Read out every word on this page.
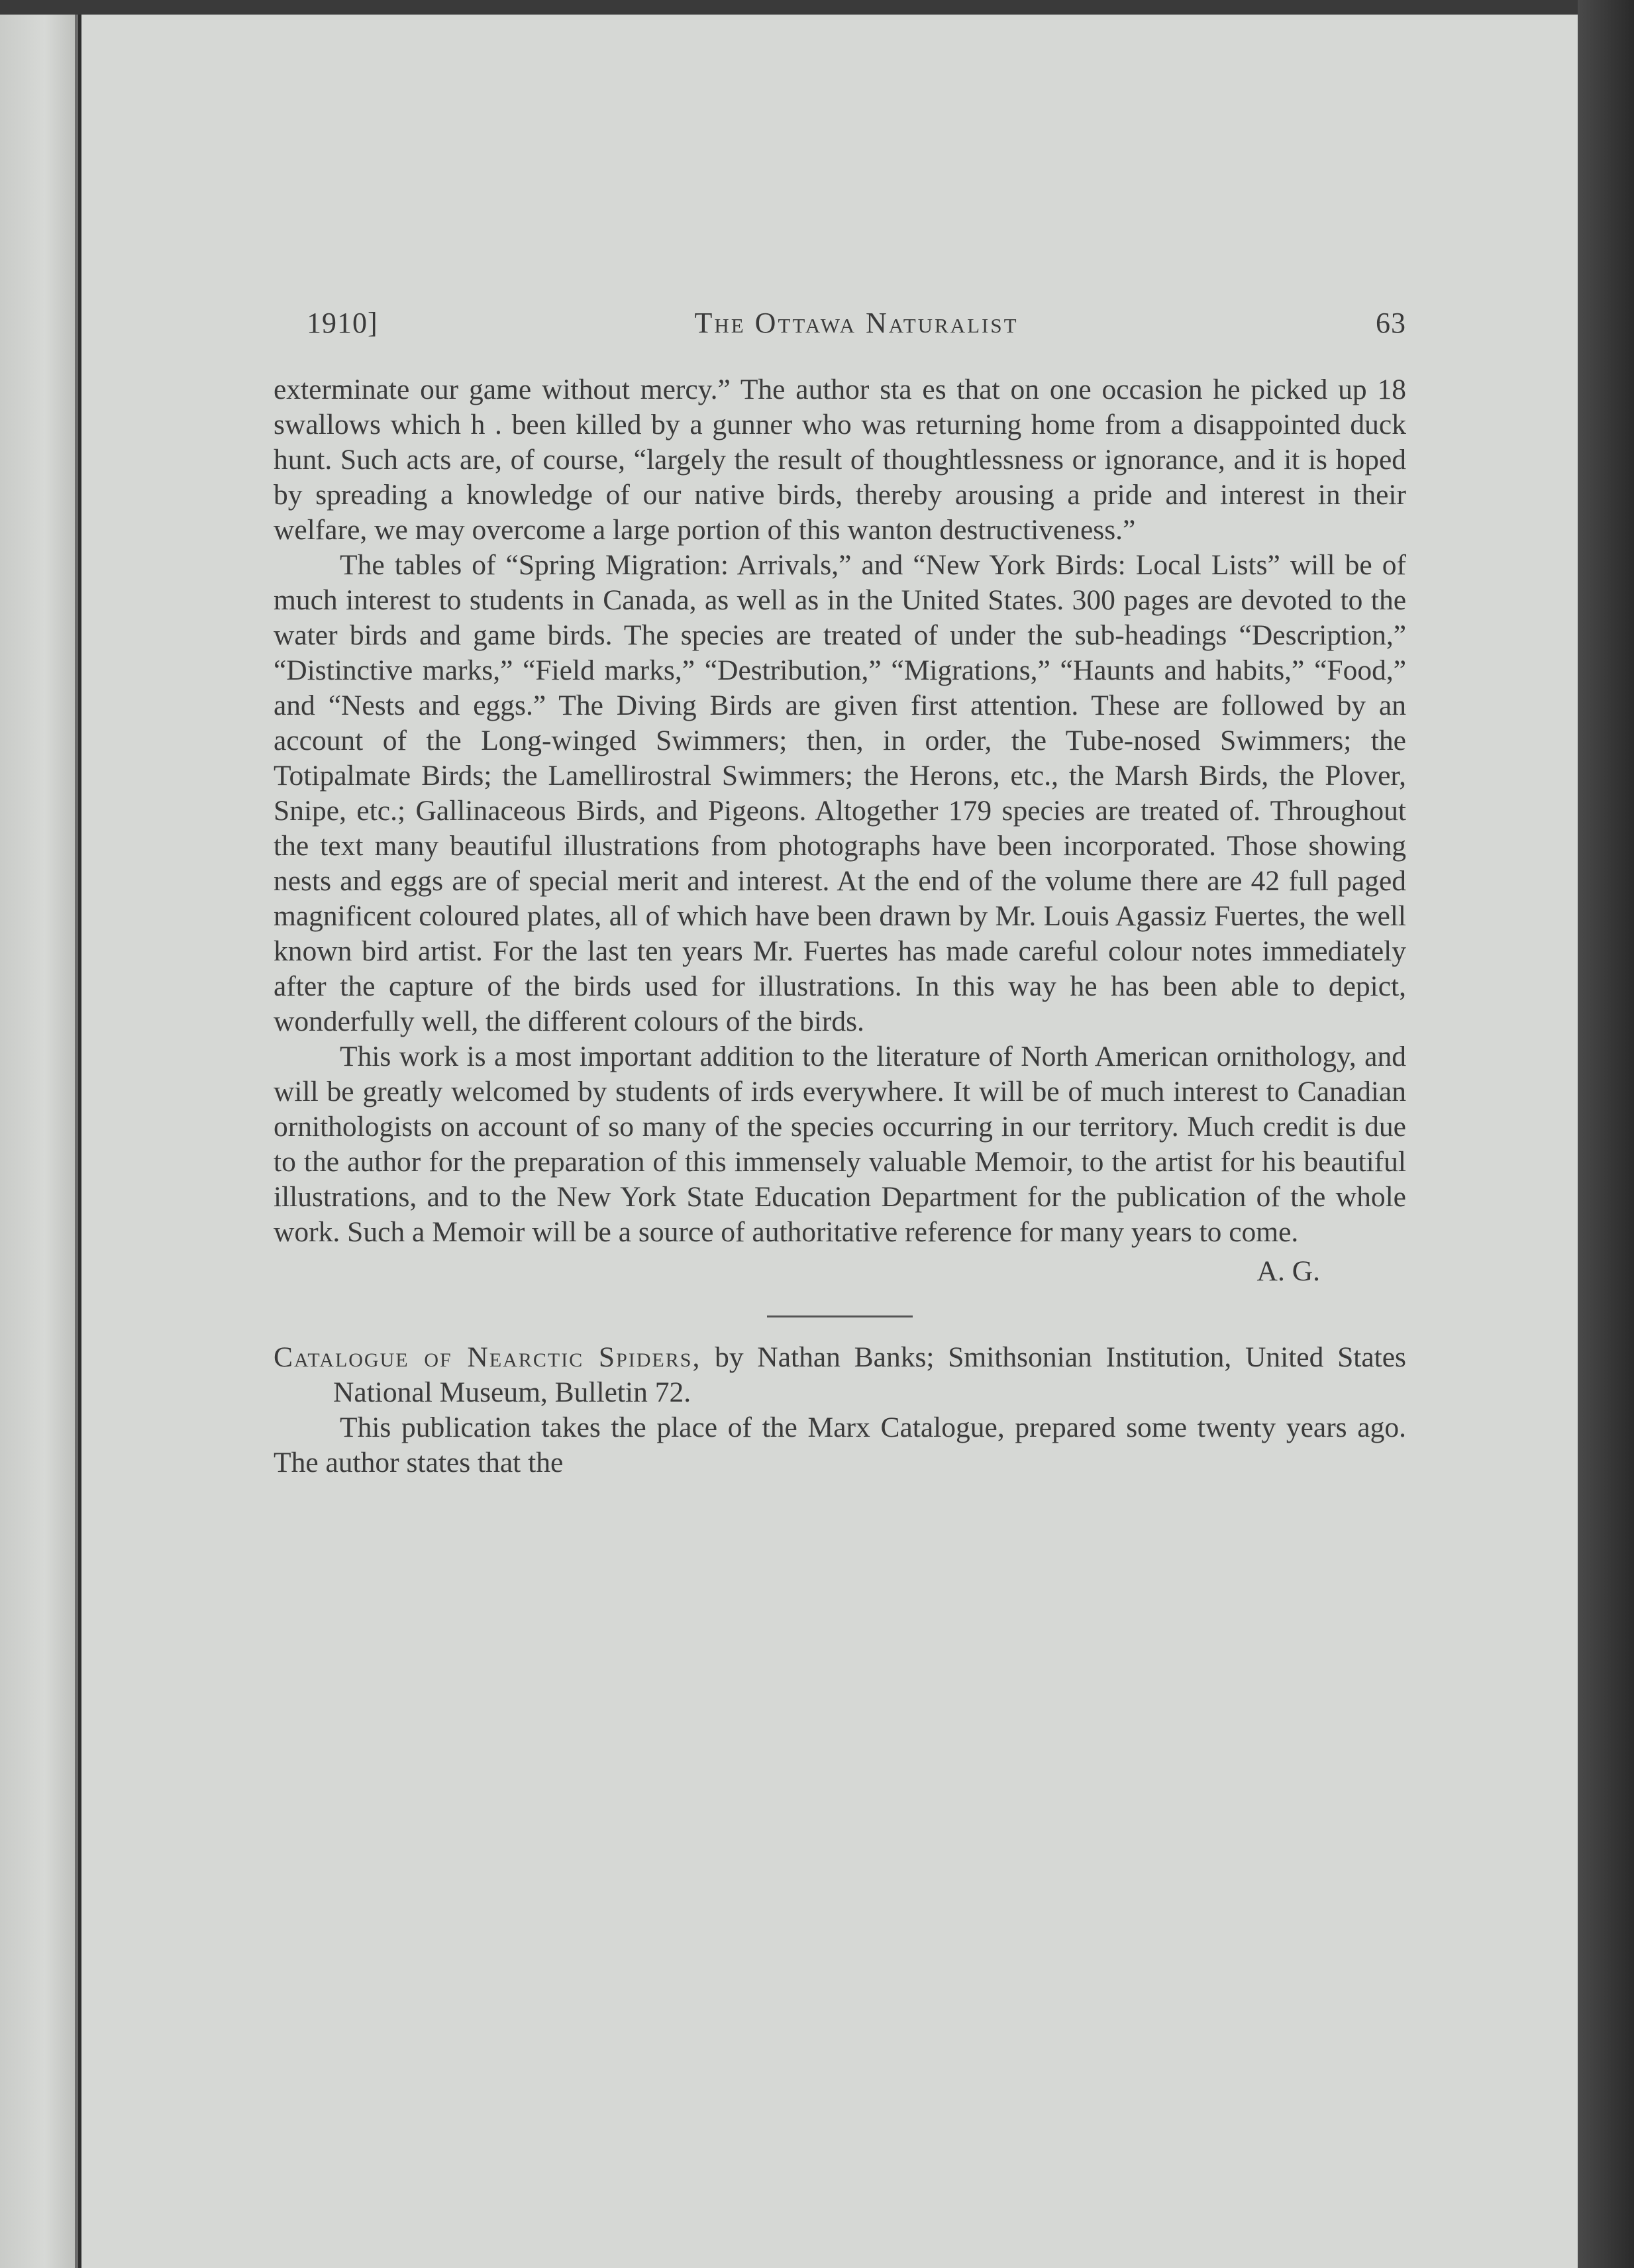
1910]	The Ottawa Naturalist	63

exterminate our game without mercy.” The author sta es that on one occasion he picked up 18 swallows which h . been killed by a gunner who was returning home from a disappointed duck hunt. Such acts are, of course, “largely the result of thoughtlessness or ignorance, and it is hoped by spreading a knowledge of our native birds, thereby arousing a pride and interest in their welfare, we may overcome a large portion of this wanton destructiveness.”

The tables of “Spring Migration: Arrivals,” and “New York Birds: Local Lists” will be of much interest to students in Canada, as well as in the United States. 300 pages are devoted to the water birds and game birds. The species are treated of under the sub-headings “Description,” “Distinctive marks,” “Field marks,” “Destribution,” “Migrations,” “Haunts and habits,” “Food,” and “Nests and eggs.” The Diving Birds are given first attention. These are followed by an account of the Long-winged Swimmers; then, in order, the Tube-nosed Swimmers; the Totipalmate Birds; the Lamellirostral Swimmers; the Herons, etc., the Marsh Birds, the Plover, Snipe, etc.; Gallinaceous Birds, and Pigeons. Altogether 179 species are treated of. Throughout the text many beautiful illustrations from photographs have been incorporated. Those showing nests and eggs are of special merit and interest. At the end of the volume there are 42 full paged magnificent coloured plates, all of which have been drawn by Mr. Louis Agassiz Fuertes, the well known bird artist. For the last ten years Mr. Fuertes has made careful colour notes immediately after the capture of the birds used for illustrations. In this way he has been able to depict, wonderfully well, the different colours of the birds.

This work is a most important addition to the literature of North American ornithology, and will be greatly welcomed by students of irds everywhere. It will be of much interest to Canadian ornithologists on account of so many of the species occurring in our territory. Much credit is due to the author for the preparation of this immensely valuable Memoir, to the artist for his beautiful illustrations, and to the New York State Education Department for the publication of the whole work. Such a Memoir will be a source of authoritative reference for many years to come.

A. G.

Catalogue of Nearctic Spiders, by Nathan Banks; Smithsonian Institution, United States National Museum, Bulletin 72.

This publication takes the place of the Marx Catalogue, prepared some twenty years ago. The author states that the
